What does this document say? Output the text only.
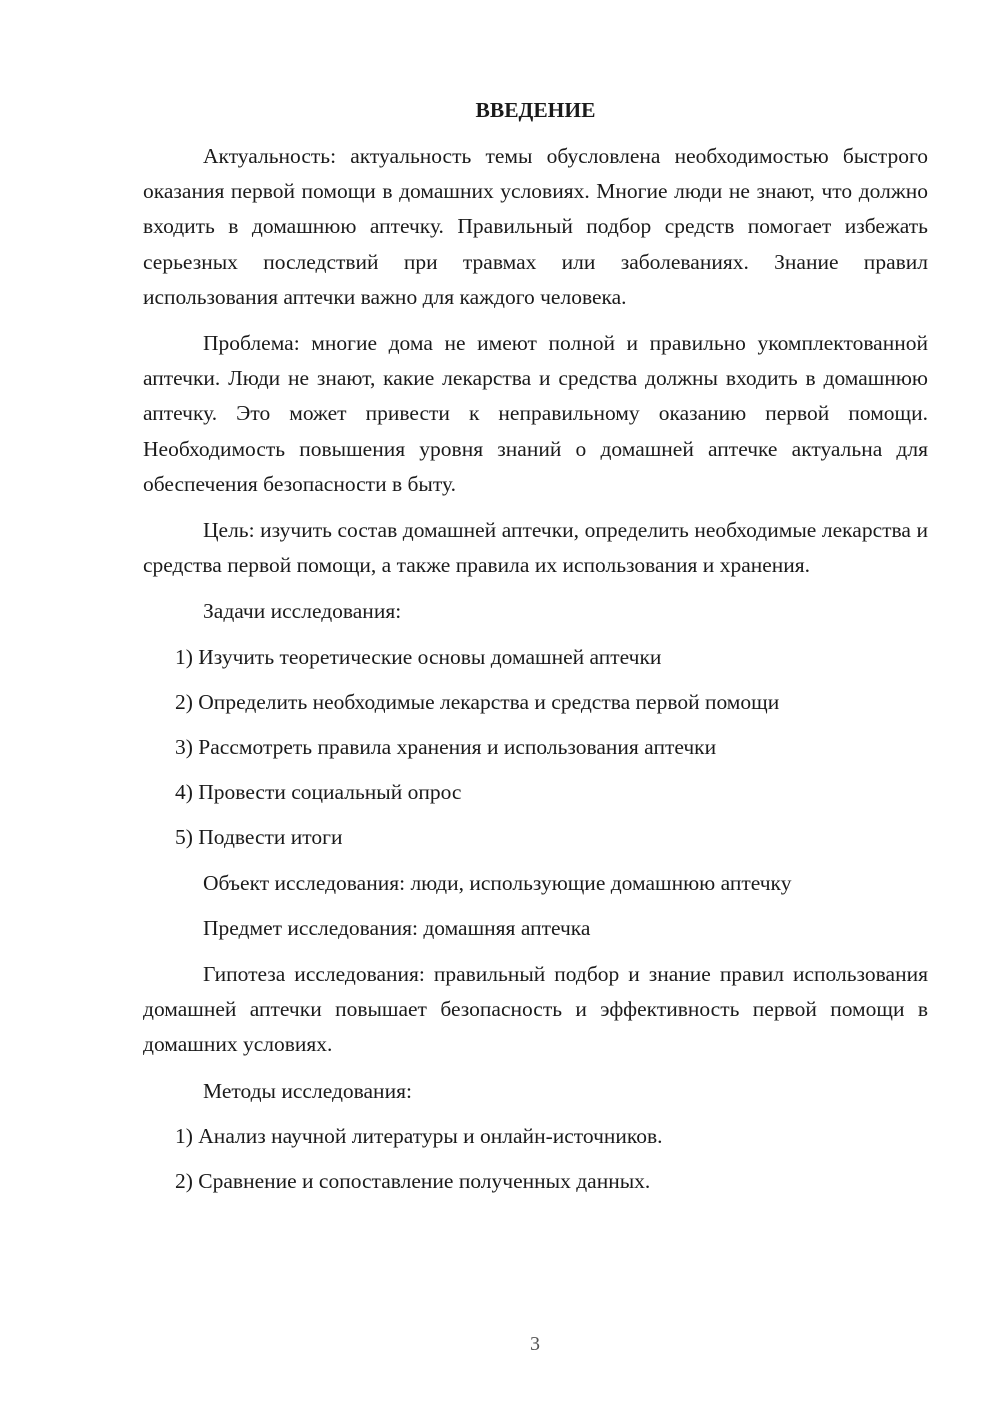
ВВЕДЕНИЕ

Актуальность: актуальность темы обусловлена необходимостью быстрого оказания первой помощи в домашних условиях. Многие люди не знают, что должно входить в домашнюю аптечку. Правильный подбор средств помогает избежать серьезных последствий при травмах или заболеваниях. Знание правил использования аптечки важно для каждого человека.

Проблема: многие дома не имеют полной и правильно укомплектованной аптечки. Люди не знают, какие лекарства и средства должны входить в домашнюю аптечку. Это может привести к неправильному оказанию первой помощи. Необходимость повышения уровня знаний о домашней аптечке актуальна для обеспечения безопасности в быту.

Цель: изучить состав домашней аптечки, определить необходимые лекарства и средства первой помощи, а также правила их использования и хранения.

Задачи исследования:

1) Изучить теоретические основы домашней аптечки

2) Определить необходимые лекарства и средства первой помощи

3) Рассмотреть правила хранения и использования аптечки

4) Провести социальный опрос

5) Подвести итоги

Объект исследования: люди, использующие домашнюю аптечку

Предмет исследования: домашняя аптечка

Гипотеза исследования: правильный подбор и знание правил использования домашней аптечки повышает безопасность и эффективность первой помощи в домашних условиях.

Методы исследования:

1) Анализ научной литературы и онлайн-источников.

2) Сравнение и сопоставление полученных данных.

3
